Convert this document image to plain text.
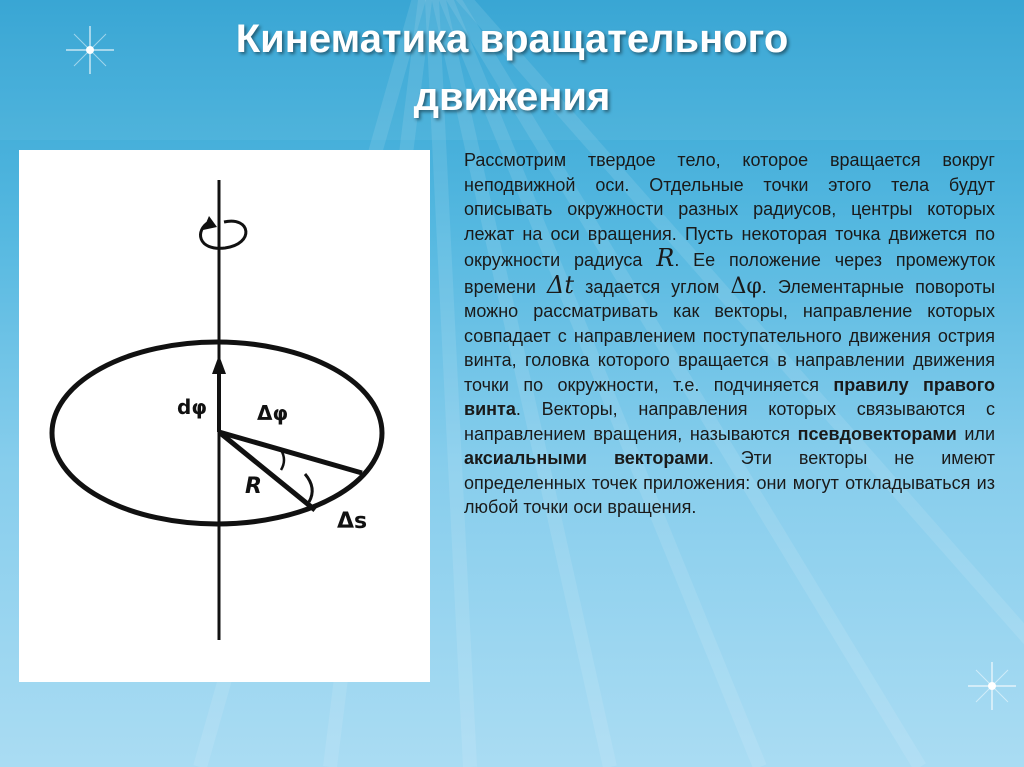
Кинематика вращательного
движения
dφ	Δφ
R
Δs
Рассмотрим твердое тело, которое вращается вокруг неподвижной оси. Отдельные точки этого тела будут описывать окружности разных радиусов, центры которых лежат на оси вращения. Пусть некоторая точка движется по окружности радиуса R. Ее положение через промежуток времени Δt задается углом Δφ. Элементарные повороты можно рассматривать как векторы, направление которых совпадает с направлением поступательного движения острия винта, головка которого вращается в направлении движения точки по окружности, т.е. подчиняется правилу правого винта. Векторы, направления которых связываются с направлением вращения, называются псевдовекторами или аксиальными векторами. Эти векторы не имеют определенных точек приложения: они могут откладываться из любой точки оси вращения.
